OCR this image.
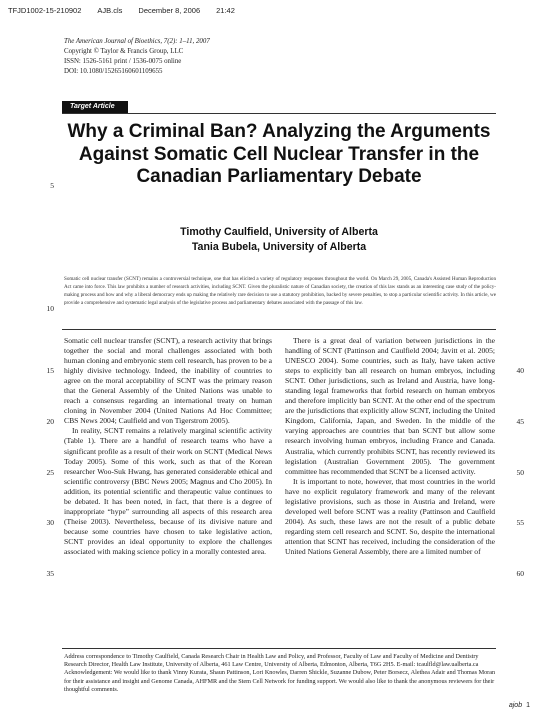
TFJD1002-15-210902 AJB.cls December 8, 2006 21:42
The American Journal of Bioethics, 7(2): 1–11, 2007
Copyright © Taylor & Francis Group, LLC
ISSN: 1526-5161 print / 1536-0075 online
DOI: 10.1080/15265160601109655
Target Article
Why a Criminal Ban? Analyzing the Arguments Against Somatic Cell Nuclear Transfer in the Canadian Parliamentary Debate
5
Timothy Caulfield, University of Alberta
Tania Bubela, University of Alberta
Somatic cell nuclear transfer (SCNT) remains a controversial technique, one that has elicited a variety of regulatory responses throughout the world. On March 29, 2005, Canada's Assisted Human Reproduction Act came into force. This law prohibits a number of research activities, including SCNT. Given the pluralistic nature of Canadian society, the creation of this law stands as an interesting case study of the policy-making process and how and why a liberal democracy ends up making the relatively rare decision to use a statutory prohibition, backed by severe penalties, to stop a particular scientific activity. In this article, we provide a comprehensive and systematic legal analysis of the legislative process and parliamentary debates associated with the passage of this law.
10

Somatic cell nuclear transfer (SCNT), a research activity that brings together the social and moral challenges associated with both human cloning and embryonic stem cell research, has proven to be a highly divisive technology. Indeed, the inability of countries to agree on the moral acceptability of SCNT was the primary reason that the General Assembly of the United Nations was unable to reach a consensus regarding an international treaty on human cloning in November 2004 (United Nations Ad Hoc Committee; CBS News 2004; Caulfield and von Tigerstrom 2005).

In reality, SCNT remains a relatively marginal scientific activity (Table 1). There are a handful of research teams who have a significant profile as a result of their work on SCNT (Medical News Today 2005). Some of this work, such as that of the Korean researcher Woo-Suk Hwang, has generated considerable ethical and scientific controversy (BBC News 2005; Magnus and Cho 2005). In addition, its potential scientific and therapeutic value continues to be debated. It has been noted, in fact, that there is a degree of inappropriate “hype” surrounding all aspects of this research area (Theise 2003). Nevertheless, because of its divisive nature and because some countries have chosen to take legislative action, SCNT provides an ideal opportunity to explore the challenges associated with making science policy in a morally contested area.

There is a great deal of variation between jurisdictions in the handling of SCNT (Pattinson and Caulfield 2004; Javitt et al. 2005; UNESCO 2004). Some countries, such as Italy, have taken active steps to explicitly ban all research on human embryos, including SCNT. Other jurisdictions, such as Ireland and Austria, have long-standing legal frameworks that forbid research on human embryos and therefore implicitly ban SCNT. At the other end of the spectrum are the jurisdictions that explicitly allow SCNT, including the United Kingdom, California, Japan, and Sweden. In the middle of the varying approaches are countries that ban SCNT but allow some research involving human embryos, including France and Canada. Australia, which currently prohibits SCNT, has recently reviewed its legislation (Australian Government 2005). The government committee has recommended that SCNT be a licensed activity.

It is important to note, however, that most countries in the world have no explicit regulatory framework and many of the relevant legislative provisions, such as those in Austria and Ireland, were developed well before SCNT was a reality (Pattinson and Caulfield 2004). As such, these laws are not the result of a public debate regarding stem cell research and SCNT. So, despite the international attention that SCNT has received, including the consideration of the United Nations General Assembly, there are a limited number of

15
20
25
30
35
40
45
50
55
60

Address correspondence to Timothy Caulfield, Canada Research Chair in Health Law and Policy, and Professor, Faculty of Law and Faculty of Medicine and Dentistry Research Director, Health Law Institute, University of Alberta, 461 Law Centre, University of Alberta, Edmonton, Alberta, T6G 2H5. E-mail: tcaulfld@law.ualberta.ca

Acknowledgement: We would like to thank Vinny Kurata, Shaun Pattinson, Lori Knowles, Darren Shickle, Suzanne Dubow, Peter Borsecz, Alethea Adair and Thomas Moran for their assistance and insight and Genome Canada, AHFMR and the Stem Cell Network for funding support. We would also like to thank the anonymous reviewers for their thoughtful comments.

ajob 1
